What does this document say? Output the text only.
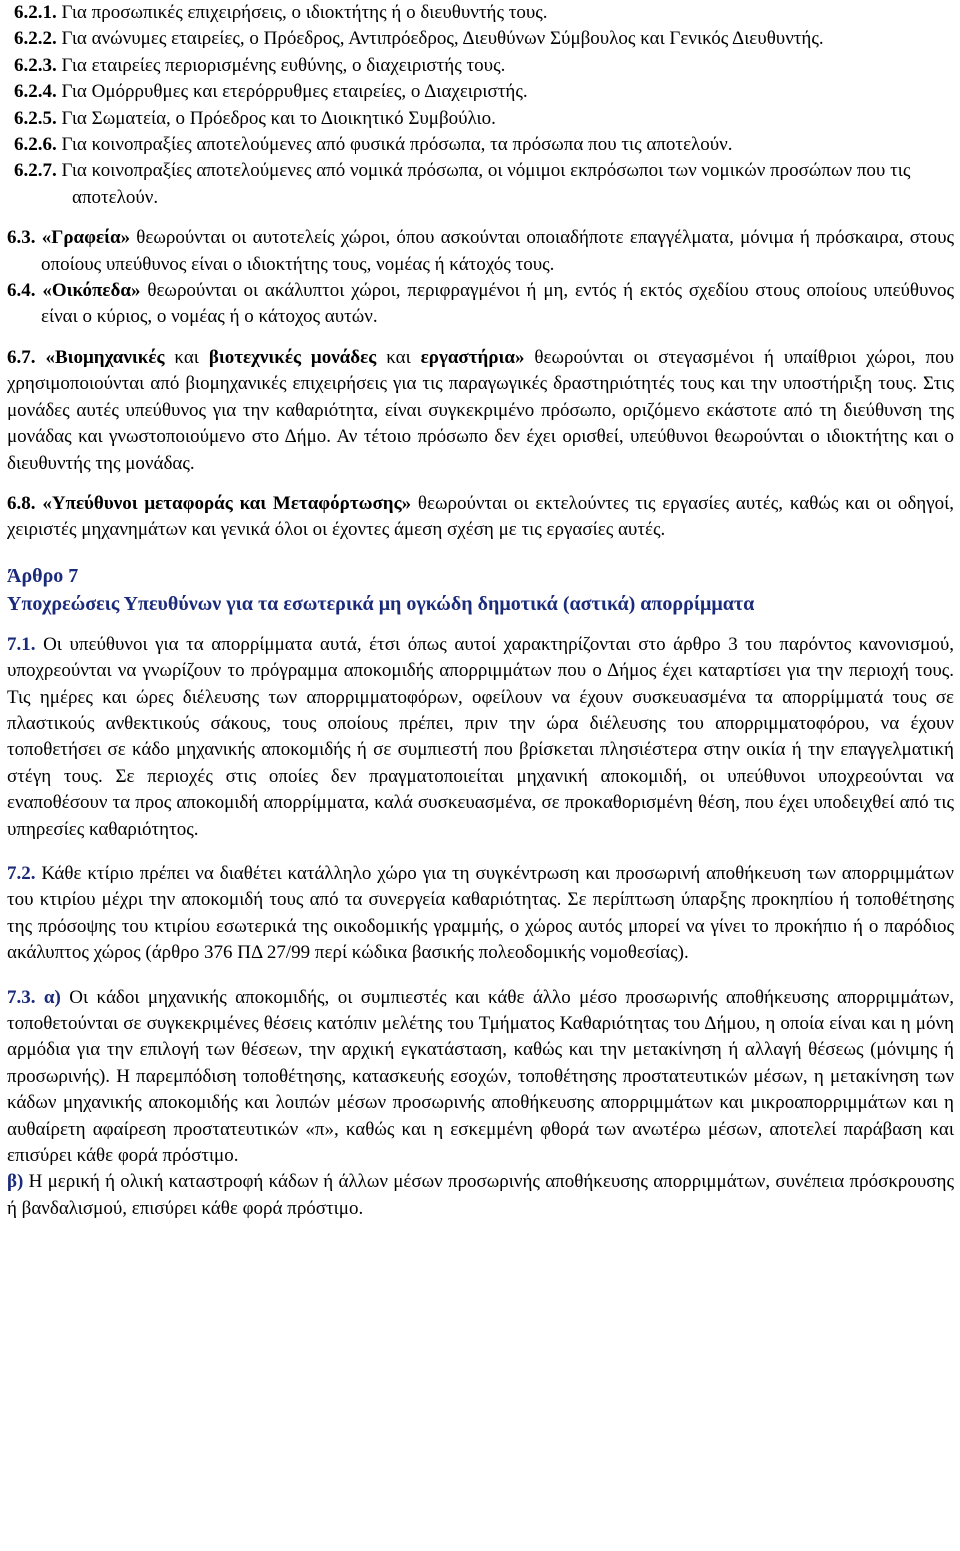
6.2.1. Για προσωπικές επιχειρήσεις, ο ιδιοκτήτης ή ο διευθυντής τους.

6.2.2. Για ανώνυμες εταιρείες, ο Πρόεδρος, Αντιπρόεδρος, Διευθύνων Σύμβουλος και Γενικός Διευθυντής.

6.2.3. Για εταιρείες περιορισμένης ευθύνης, ο διαχειριστής τους.

6.2.4. Για Ομόρρυθμες και ετερόρρυθμες εταιρείες, ο Διαχειριστής.

6.2.5. Για Σωματεία, ο Πρόεδρος και το Διοικητικό Συμβούλιο.

6.2.6. Για κοινοπραξίες αποτελούμενες από φυσικά πρόσωπα, τα πρόσωπα που τις αποτελούν.

6.2.7. Για κοινοπραξίες αποτελούμενες από νομικά πρόσωπα, οι νόμιμοι εκπρόσωποι των νομικών προσώπων που τις αποτελούν.

6.3. «Γραφεία» θεωρούνται οι αυτοτελείς χώροι, όπου ασκούνται οποιαδήποτε επαγγέλματα, μόνιμα ή πρόσκαιρα, στους οποίους υπεύθυνος είναι ο ιδιοκτήτης τους, νομέας ή κάτοχός τους.

6.4. «Οικόπεδα» θεωρούνται οι ακάλυπτοι χώροι, περιφραγμένοι ή μη, εντός ή εκτός σχεδίου στους οποίους υπεύθυνος είναι ο κύριος, ο νομέας ή ο κάτοχος αυτών.

6.7. «Βιομηχανικές και βιοτεχνικές μονάδες και εργαστήρια» θεωρούνται οι στεγασμένοι ή υπαίθριοι χώροι, που χρησιμοποιούνται από βιομηχανικές επιχειρήσεις για τις παραγωγικές δραστηριότητές τους και την υποστήριξη τους. Στις μονάδες αυτές υπεύθυνος για την καθαριότητα, είναι συγκεκριμένο πρόσωπο, οριζόμενο εκάστοτε από τη διεύθυνση της μονάδας και γνωστοποιούμενο στο Δήμο. Αν τέτοιο πρόσωπο δεν έχει ορισθεί, υπεύθυνοι θεωρούνται ο ιδιοκτήτης και ο διευθυντής της μονάδας.

6.8. «Υπεύθυνοι μεταφοράς και Μεταφόρτωσης» θεωρούνται οι εκτελούντες τις εργασίες αυτές, καθώς και οι οδηγοί, χειριστές μηχανημάτων και γενικά όλοι οι έχοντες άμεση σχέση με τις εργασίες αυτές.

Άρθρο 7

Υποχρεώσεις Υπευθύνων για τα εσωτερικά μη ογκώδη δημοτικά (αστικά) απορρίμματα

7.1. Οι υπεύθυνοι για τα απορρίμματα αυτά, έτσι όπως αυτοί χαρακτηρίζονται στο άρθρο 3 του παρόντος κανονισμού, υποχρεούνται να γνωρίζουν το πρόγραμμα αποκομιδής απορριμμάτων που ο Δήμος έχει καταρτίσει για την περιοχή τους. Τις ημέρες και ώρες διέλευσης των απορριμματοφόρων, οφείλουν να έχουν συσκευασμένα τα απορρίμματά τους σε πλαστικούς ανθεκτικούς σάκους, τους οποίους πρέπει, πριν την ώρα διέλευσης του απορριμματοφόρου, να έχουν τοποθετήσει σε κάδο μηχανικής αποκομιδής ή σε συμπιεστή που βρίσκεται πλησιέστερα στην οικία ή την επαγγελματική στέγη τους. Σε περιοχές στις οποίες δεν πραγματοποιείται μηχανική αποκομιδή, οι υπεύθυνοι υποχρεούνται να εναποθέσουν τα προς αποκομιδή απορρίμματα, καλά συσκευασμένα, σε προκαθορισμένη θέση, που έχει υποδειχθεί από τις υπηρεσίες καθαριότητος.

7.2. Κάθε κτίριο πρέπει να διαθέτει κατάλληλο χώρο για τη συγκέντρωση και προσωρινή αποθήκευση των απορριμμάτων του κτιρίου μέχρι την αποκομιδή τους από τα συνεργεία καθαριότητας. Σε περίπτωση ύπαρξης προκηπίου ή τοποθέτησης της πρόσοψης του κτιρίου εσωτερικά της οικοδομικής γραμμής, ο χώρος αυτός μπορεί να γίνει το προκήπιο ή ο παρόδιος ακάλυπτος χώρος (άρθρο 376 ΠΔ 27/99 περί κώδικα βασικής πολεοδομικής νομοθεσίας).

7.3. α) Οι κάδοι μηχανικής αποκομιδής, οι συμπιεστές και κάθε άλλο μέσο προσωρινής αποθήκευσης απορριμμάτων, τοποθετούνται σε συγκεκριμένες θέσεις κατόπιν μελέτης του Τμήματος Καθαριότητας του Δήμου, η οποία είναι και η μόνη αρμόδια για την επιλογή των θέσεων, την αρχική εγκατάσταση, καθώς και την μετακίνηση ή αλλαγή θέσεως (μόνιμης ή προσωρινής). Η παρεμπόδιση τοποθέτησης, κατασκευής εσοχών, τοποθέτησης προστατευτικών μέσων, η μετακίνηση των κάδων μηχανικής αποκομιδής και λοιπών μέσων προσωρινής αποθήκευσης απορριμμάτων και μικροαπορριμμάτων και η αυθαίρετη αφαίρεση προστατευτικών «π», καθώς και η εσκεμμένη φθορά των ανωτέρω μέσων, αποτελεί παράβαση και επισύρει κάθε φορά πρόστιμο.

β) Η μερική ή ολική καταστροφή κάδων ή άλλων μέσων προσωρινής αποθήκευσης απορριμμάτων, συνέπεια πρόσκρουσης ή βανδαλισμού, επισύρει κάθε φορά πρόστιμο.
